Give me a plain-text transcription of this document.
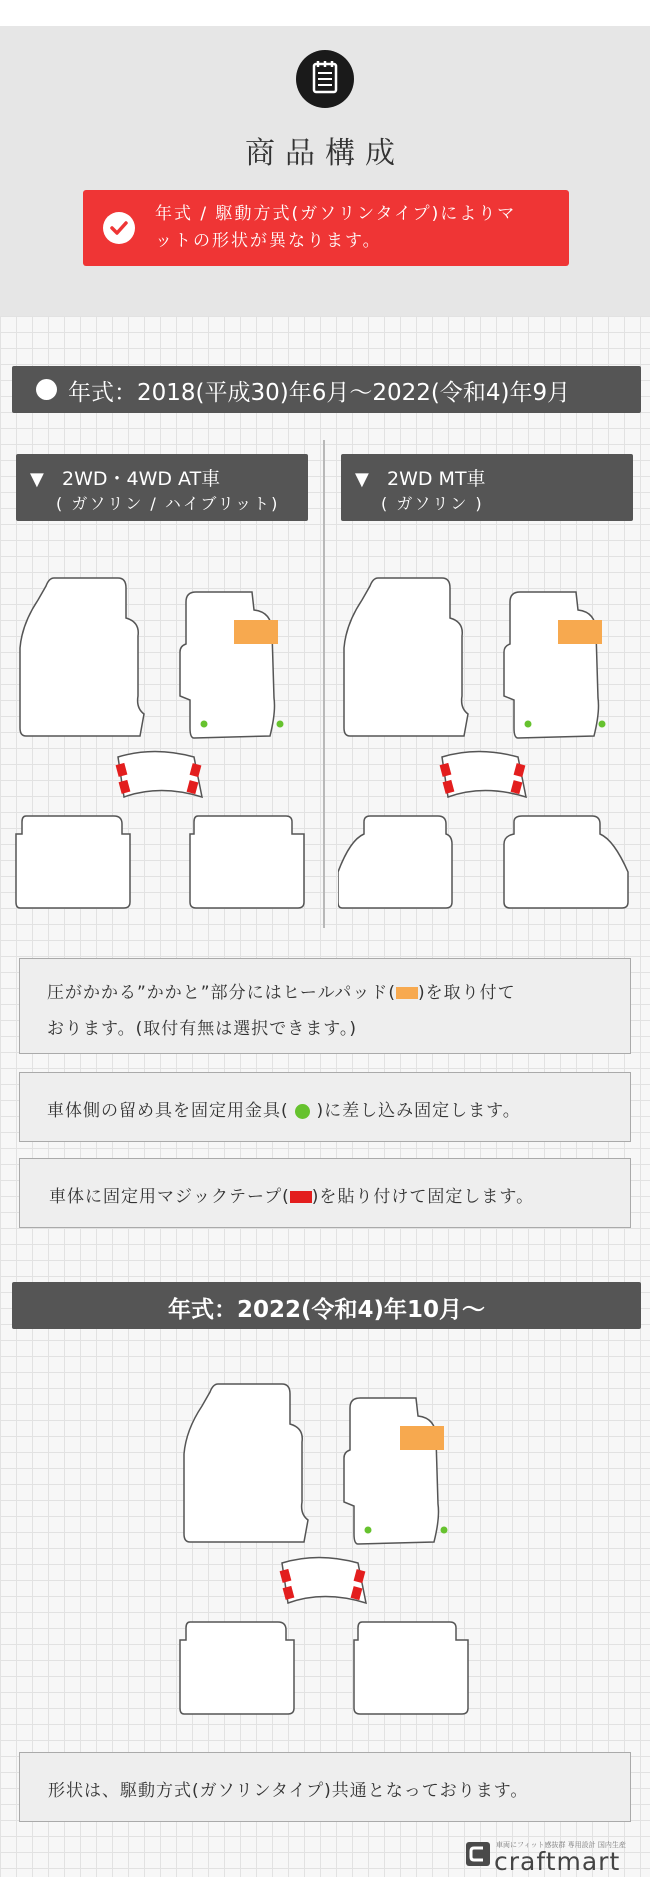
商品構成
年式 / 駆動方式(ガソリンタイプ)によりマ
ットの形状が異なります。
年式：2018(平成30)年6月～2022(令和4)年9月
▼ 2WD・4WD AT車
( ガソリン / ハイブリット)
▼ 2WD MT車
( ガソリン )
圧がかかる”かかと”部分にはヒールパッド( )を取り付て
おります。(取付有無は選択できます。)
車体側の留め具を固定用金具( )に差し込み固定します。
車体に固定用マジックテープ( )を貼り付けて固定します。
年式：2022(令和4)年10月～
形状は、駆動方式(ガソリンタイプ)共通となっております。
車両にフィット感抜群 専用設計 国内生産
craftmart
